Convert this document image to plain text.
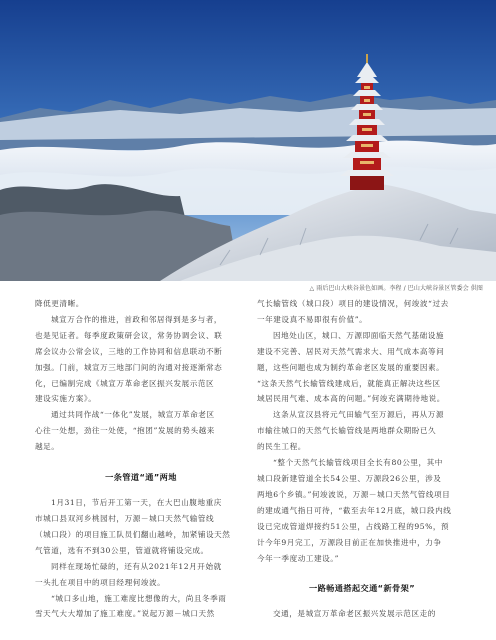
△ 雨后巴山大峡谷景色如画。李程 / 巴山大峡谷景区管委会 供图

降低更清晰。

城宣万合作的推进，首政和邻居得到是多与者，

也是见证者。每季度政策研会议，常务协调会议、联

席会议办公常会议，三地的工作协同和信息联动不断

加强。门前，城宣万三地部门间的沟通对接逐渐常态

化，已编制完成《城宣万革命老区振兴发展示范区

建设实施方案》。

通过共同作战“一体化”发展，城宣万革命老区

心往一处想，劲往一处使，“抱团”发展的势头越来

越足。

一条管道“通”两地

1月31日，节后开工第一天，在大巴山腹地重庆

市城口县双河乡桃园村，万源－城口天然气输管线

（城口段）的项目施工队员们翻山越岭，加紧铺设天然

气管道，选有不到30公里，管道就将铺设完成。

同样在现场忙碌的，还有从2021年12月开始就

一头扎在项目中的项目经理何竣波。

“城口多山地，施工难度比想像的大，尚且冬季雨

雪天气大大增加了施工难度。”说起万源－城口天然

气长输管线（城口段）项目的建设情况，何竣波“过去

一年建设真不易即很有价值”。

因地处山区，城口、万源即面临天然气基础设施

建设不完善、居民对天然气需求大、用气成本高等问

题，这些问题也成为制约革命老区发展的重要因素。

“这条天然气长输管线建成后，就能真正解决这些区

域居民用气难、成本高的问题。”何竣充满期待地说。

这条从宣汉县将元气田输气至万源后，再从万源

市输往城口的天然气长输管线是两地群众期盼已久

的民生工程。

“整个天然气长输管线项目全长有80公里，其中

城口段新建管道全长54公里、万源段26公里，涉及

两地6个乡镇。”何竣波说，万源－城口天然气管线项目

的建成通气指日可待，“截至去年12月底，城口段内线

设已完成管道焊接约51公里，占线路工程的95%，预

计今年9月完工，万源段目前正在加快推进中，力争

今年一季度动工建设。”

一路畅通搭起交通“新骨架”

交通，是城宣万革命老区振兴发展示范区走的
